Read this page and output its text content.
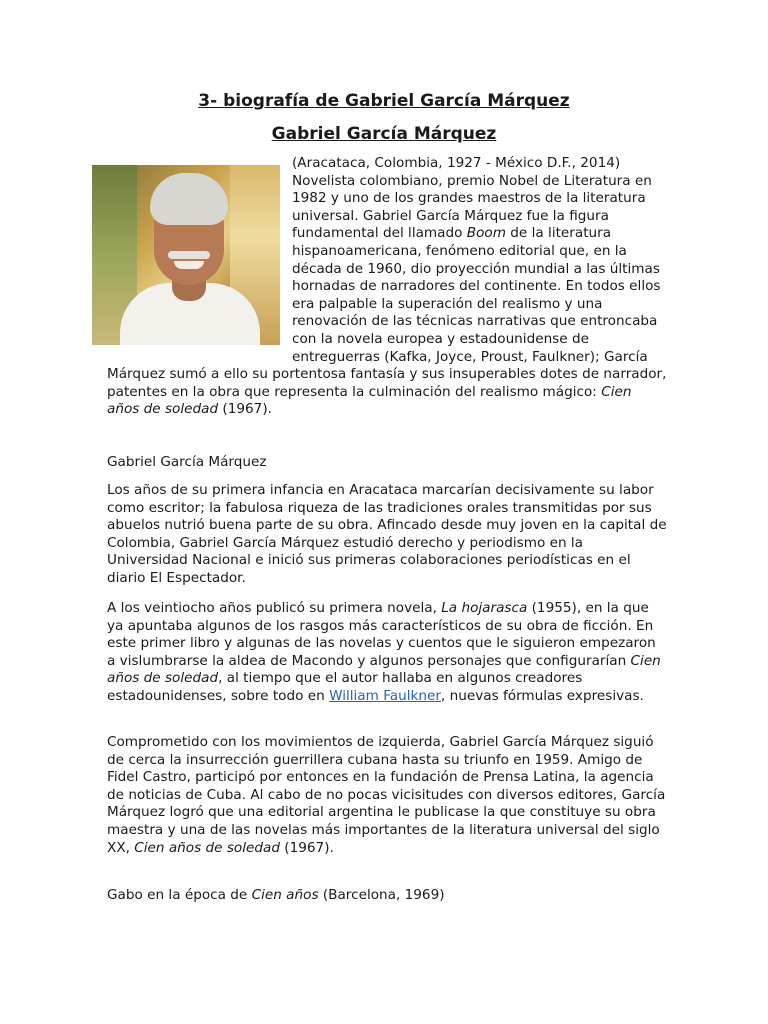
3- biografía de Gabriel García Márquez
Gabriel García Márquez

(Aracataca, Colombia, 1927 - México D.F., 2014) Novelista colombiano, premio Nobel de Literatura en 1982 y uno de los grandes maestros de la literatura universal. Gabriel García Márquez fue la figura fundamental del llamado Boom de la literatura hispanoamericana, fenómeno editorial que, en la década de 1960, dio proyección mundial a las últimas hornadas de narradores del continente. En todos ellos era palpable la superación del realismo y una renovación de las técnicas narrativas que entroncaba con la novela europea y estadounidense de entreguerras (Kafka, Joyce, Proust, Faulkner); García Márquez sumó a ello su portentosa fantasía y sus insuperables dotes de narrador, patentes en la obra que representa la culminación del realismo mágico: Cien años de soledad (1967).

Gabriel García Márquez

Los años de su primera infancia en Aracataca marcarían decisivamente su labor como escritor; la fabulosa riqueza de las tradiciones orales transmitidas por sus abuelos nutrió buena parte de su obra. Afincado desde muy joven en la capital de Colombia, Gabriel García Márquez estudió derecho y periodismo en la Universidad Nacional e inició sus primeras colaboraciones periodísticas en el diario El Espectador.

A los veintiocho años publicó su primera novela, La hojarasca (1955), en la que ya apuntaba algunos de los rasgos más característicos de su obra de ficción. En este primer libro y algunas de las novelas y cuentos que le siguieron empezaron a vislumbrarse la aldea de Macondo y algunos personajes que configurarían Cien años de soledad, al tiempo que el autor hallaba en algunos creadores estadounidenses, sobre todo en William Faulkner, nuevas fórmulas expresivas.

Comprometido con los movimientos de izquierda, Gabriel García Márquez siguió de cerca la insurrección guerrillera cubana hasta su triunfo en 1959. Amigo de Fidel Castro, participó por entonces en la fundación de Prensa Latina, la agencia de noticias de Cuba. Al cabo de no pocas vicisitudes con diversos editores, García Márquez logró que una editorial argentina le publicase la que constituye su obra maestra y una de las novelas más importantes de la literatura universal del siglo XX, Cien años de soledad (1967).

Gabo en la época de Cien años (Barcelona, 1969)
